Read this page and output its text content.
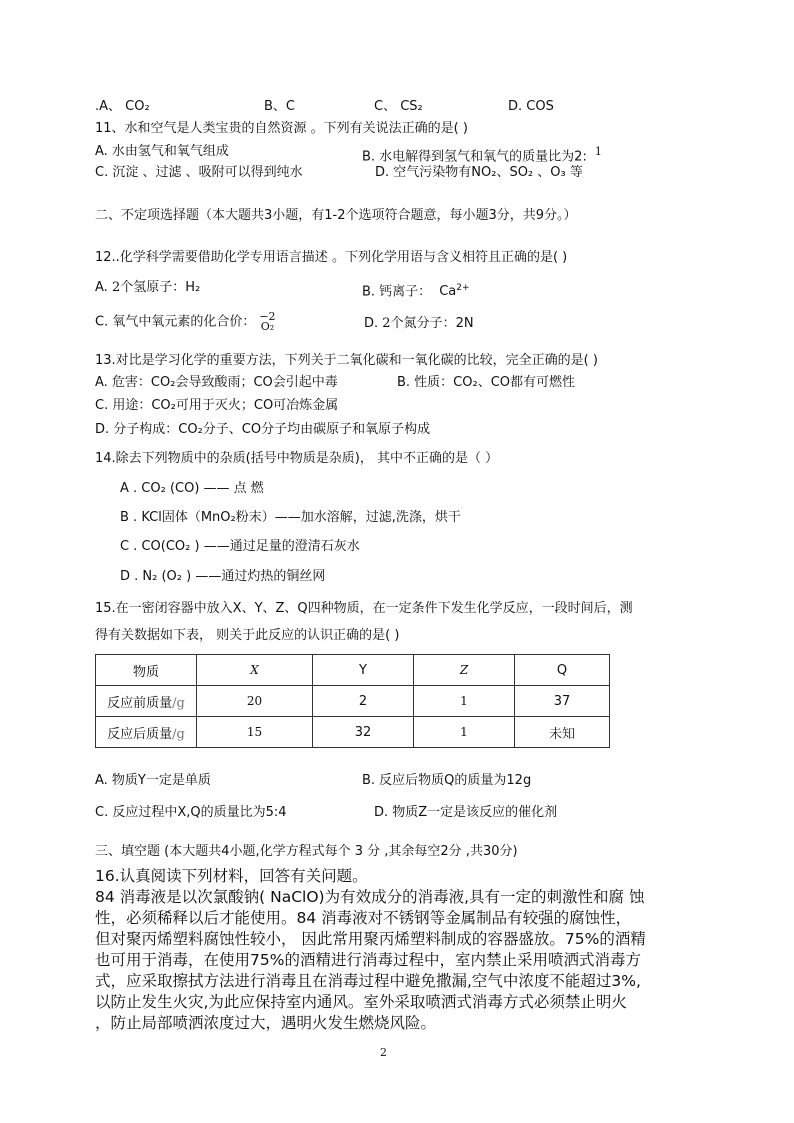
.A、 CO₂	B、C	C、 CS₂	D. COS
11、水和空气是人类宝贵的自然资源 。下列有关说法正确的是( )
A. 水由氢气和氧气组成	B. 水电解得到氢气和氧气的质量比为2: $^1$
C. 沉淀 、过滤 、吸附可以得到纯水	D. 空气污染物有NO₂、SO₂ 、O₃ 等
二、不定项选择题（本大题共3小题，有1-2个选项符合题意，每小题3分，共9分。）
12..化学科学需要借助化学专用语言描述 。下列化学用语与含义相符且正确的是( )
A. 2个氢原子：H₂	B. 钙离子： $Ca^{2+}$
C. 氧气中氧元素的化合价： −2
O₂	D. 2个氮分子：2N
13.对比是学习化学的重要方法，下列关于二氧化碳和一氧化碳的比较，完全正确的是( )
A. 危害：CO₂会导致酸雨；CO会引起中毒	B. 性质：CO₂、CO都有可燃性
C. 用途：CO₂可用于灭火；CO可冶炼金属
D. 分子构成：CO₂分子、CO分子均由碳原子和氧原子构成
14.除去下列物质中的杂质(括号中物质是杂质)， 其中不正确的是（ ）
A . CO₂ (CO) —— 点 燃
B . KCl固体（MnO₂粉末）——加水溶解，过滤,洗涤，烘干
C . CO(CO₂ ) ——通过足量的澄清石灰水
D . N₂ (O₂ ) ——通过灼热的铜丝网
15.在一密闭容器中放入X、Y、Z、Q四种物质，在一定条件下发生化学反应，一段时间后，测
得有关数据如下表， 则关于此反应的认识正确的是( )
物质	X	Y	Z	Q
反应前质量/g	20	2	1	37
反应后质量/g	15	32	1	未知
A. 物质Y一定是单质	B. 反应后物质Q的质量为12g
C. 反应过程中X,Q的质量比为5:4	D. 物质Z一定是该反应的催化剂
三、填空题 (本大题共4小题,化学方程式每个 3 分 ,其余每空2分 ,共30分)
16.认真阅读下列材料，回答有关问题。
84 消毒液是以次氯酸钠( NaClO)为有效成分的消毒液,具有一定的刺激性和腐 蚀
性，必须稀释以后才能使用。84 消毒液对不锈钢等金属制品有较强的腐蚀性，
但对聚丙烯塑料腐蚀性较小， 因此常用聚丙烯塑料制成的容器盛放。75%的酒精
也可用于消毒，在使用75%的酒精进行消毒过程中，室内禁止采用喷洒式消毒方
式，应采取擦拭方法进行消毒且在消毒过程中避免撒漏,空气中浓度不能超过3%,
以防止发生火灾,为此应保持室内通风。室外采取喷洒式消毒方式必须禁止明火
，防止局部喷洒浓度过大，遇明火发生燃烧风险。
2
